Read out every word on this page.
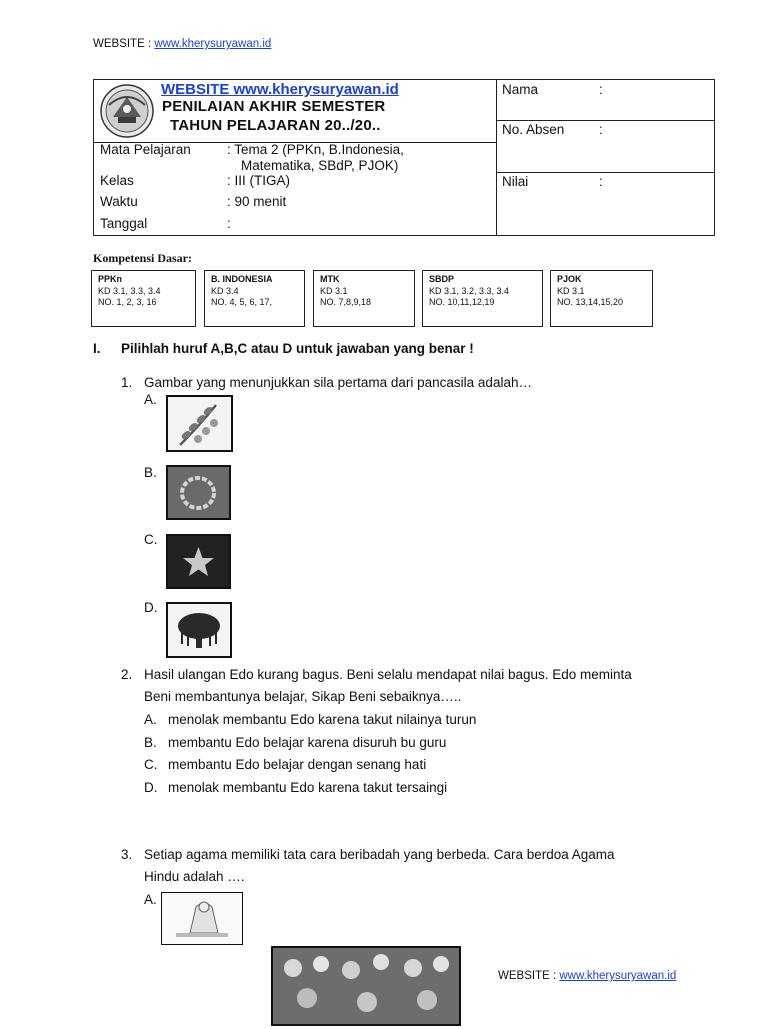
WEBSITE : www.kherysuryawan.id
WEBSITE www.kherysuryawan.id
PENILAIAN AKHIR SEMESTER
TAHUN PELAJARAN 20../20..
Mata Pelajaran	: Tema 2 (PPKn, B.Indonesia,
Matematika, SBdP, PJOK)
Kelas	: III (TIGA)
Waktu	: 90 menit
Tanggal	:
Nama	:
No. Absen	:
Nilai	:
Kompetensi Dasar:
PPKn
KD 3.1, 3.3, 3.4
NO. 1, 2, 3, 16
B. INDONESIA
KD 3.4
NO. 4, 5, 6, 17,
MTK
KD 3.1
NO. 7,8,9,18
SBDP
KD 3.1, 3.2, 3.3, 3.4
NO. 10,11,12,19
PJOK
KD 3.1
NO. 13,14,15,20
I. Pilihlah huruf A,B,C atau D untuk jawaban yang benar !
1. Gambar yang menunjukkan sila pertama dari pancasila adalah…
A.
B.
C.
D.
2. Hasil ulangan Edo kurang bagus. Beni selalu mendapat nilai bagus. Edo meminta
Beni membantunya belajar, Sikap Beni sebaiknya…..
A. menolak membantu Edo karena takut nilainya turun
B. membantu Edo belajar karena disuruh bu guru
C. membantu Edo belajar dengan senang hati
D. menolak membantu Edo karena takut tersaingi
3. Setiap agama memiliki tata cara beribadah yang berbeda. Cara berdoa Agama
Hindu adalah ….
A.
WEBSITE : www.kherysuryawan.id
